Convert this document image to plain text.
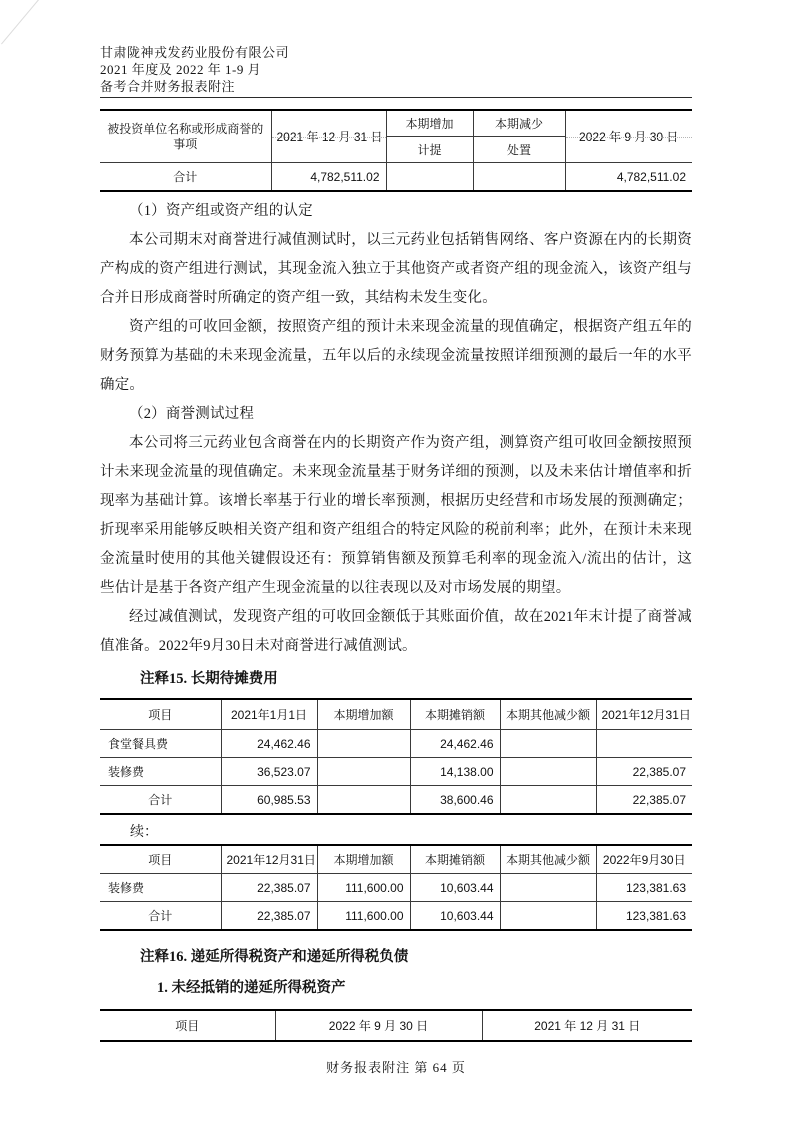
甘肃陇神戎发药业股份有限公司
2021 年度及 2022 年 1-9 月
备考合并财务报表附注
被投资单位名称或形成商誉的事项	2021 年 12 月 31 日	本期增加	本期减少	2022 年 9 月 30 日
		计提	处置	
合计	4,782,511.02			4,782,511.02

（1）资产组或资产组的认定

本公司期末对商誉进行减值测试时，以三元药业包括销售网络、客户资源在内的长期资产构成的资产组进行测试，其现金流入独立于其他资产或者资产组的现金流入，该资产组与合并日形成商誉时所确定的资产组一致，其结构未发生变化。

资产组的可收回金额，按照资产组的预计未来现金流量的现值确定，根据资产组五年的财务预算为基础的未来现金流量，五年以后的永续现金流量按照详细预测的最后一年的水平确定。

（2）商誉测试过程

本公司将三元药业包含商誉在内的长期资产作为资产组，测算资产组可收回金额按照预计未来现金流量的现值确定。未来现金流量基于财务详细的预测，以及未来估计增值率和折现率为基础计算。该增长率基于行业的增长率预测，根据历史经营和市场发展的预测确定；折现率采用能够反映相关资产组和资产组组合的特定风险的税前利率；此外，在预计未来现金流量时使用的其他关键假设还有：预算销售额及预算毛利率的现金流入/流出的估计，这些估计是基于各资产组产生现金流量的以往表现以及对市场发展的期望。

经过减值测试，发现资产组的可收回金额低于其账面价值，故在2021年末计提了商誉减值准备。2022年9月30日未对商誉进行减值测试。

注释15. 长期待摊费用
项目	2021年1月1日	本期增加额	本期摊销额	本期其他减少额	2021年12月31日
食堂餐具费	24,462.46		24,462.46		
装修费	36,523.07		14,138.00		22,385.07
合计	60,985.53		38,600.46		22,385.07
续：
项目	2021年12月31日	本期增加额	本期摊销额	本期其他减少额	2022年9月30日
装修费	22,385.07	111,600.00	10,603.44		123,381.63
合计	22,385.07	111,600.00	10,603.44		123,381.63
注释16. 递延所得税资产和递延所得税负债
1. 未经抵销的递延所得税资产
项目	2022 年 9 月 30 日	2021 年 12 月 31 日
财务报表附注 第 64 页
